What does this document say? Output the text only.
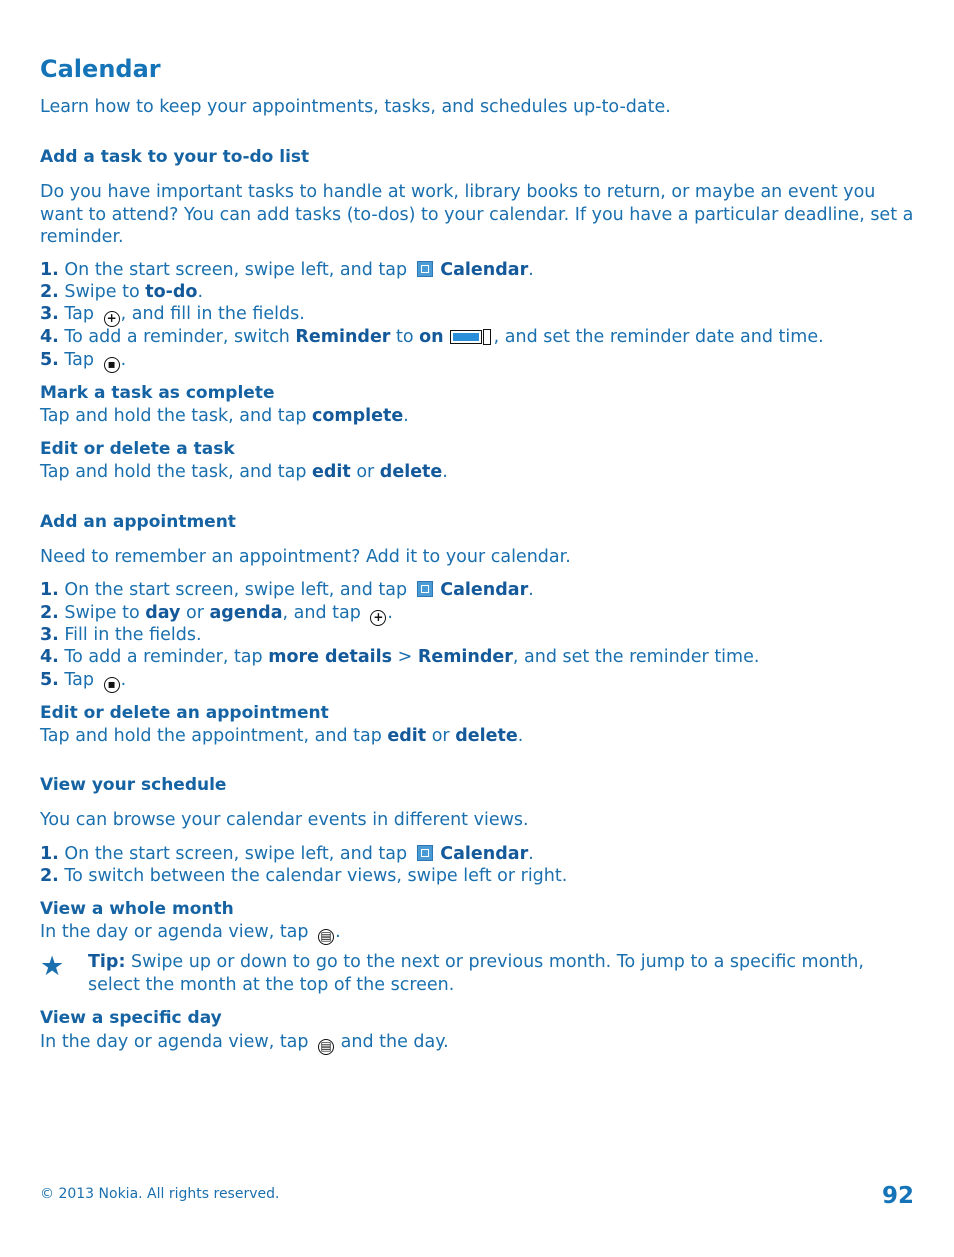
Calendar
Learn how to keep your appointments, tasks, and schedules up-to-date.
Add a task to your to-do list
Do you have important tasks to handle at work, library books to return, or maybe an event you want to attend? You can add tasks (to-dos) to your calendar. If you have a particular deadline, set a reminder.
1. On the start screen, swipe left, and tap  Calendar.
2. Swipe to to-do.
3. Tap + , and fill in the fields.
4. To add a reminder, switch Reminder to on	, and set the reminder date and time.
5. Tap ▪ .
Mark a task as complete
Tap and hold the task, and tap complete.
Edit or delete a task
Tap and hold the task, and tap edit or delete.
Add an appointment
Need to remember an appointment? Add it to your calendar.
1. On the start screen, swipe left, and tap  Calendar.
2. Swipe to day or agenda, and tap + .
3. Fill in the fields.
4. To add a reminder, tap more details > Reminder, and set the reminder time.
5. Tap ▪ .
Edit or delete an appointment
Tap and hold the appointment, and tap edit or delete.
View your schedule
You can browse your calendar events in different views.
1. On the start screen, swipe left, and tap  Calendar.
2. To switch between the calendar views, swipe left or right.
View a whole month
In the day or agenda view, tap ▤ .
★ Tip: Swipe up or down to go to the next or previous month. To jump to a specific month, select the month at the top of the screen.
View a specific day
In the day or agenda view, tap ▤ and the day.
© 2013 Nokia. All rights reserved.	92
